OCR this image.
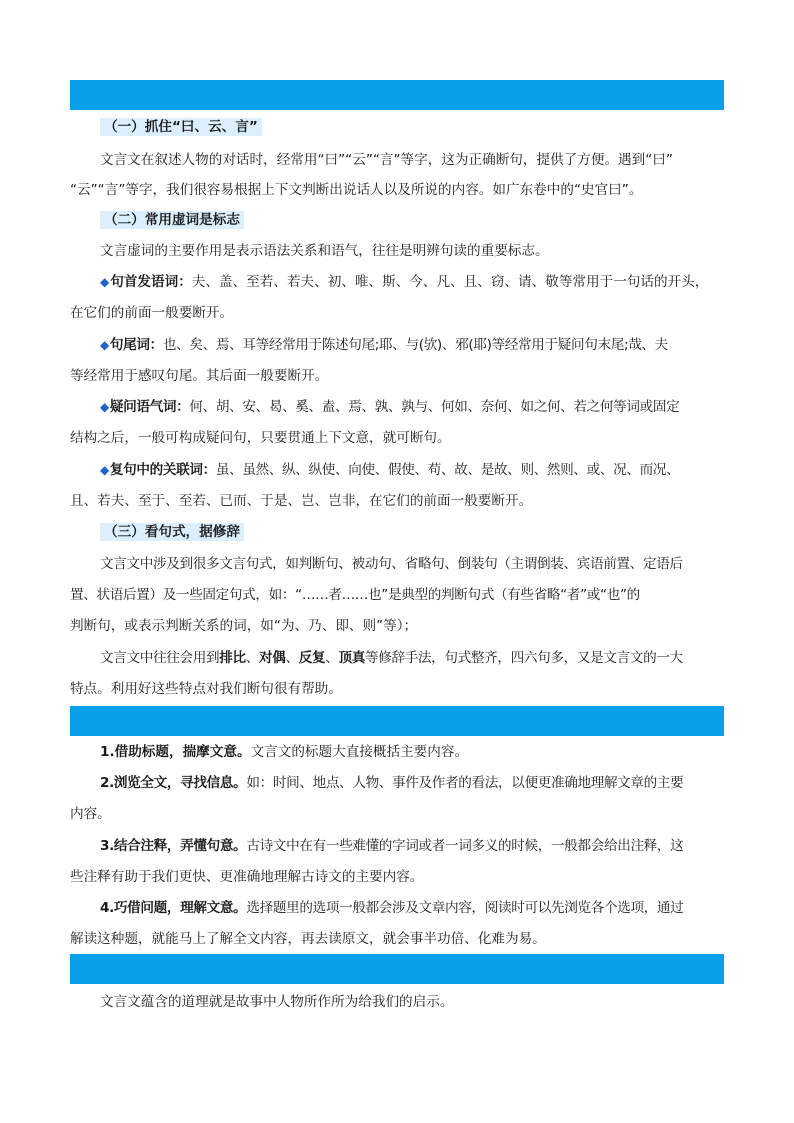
（一）抓住“曰、云、言”
文言文在叙述人物的对话时，经常用“曰”“云”“言”等字，这为正确断句，提供了方便。遇到“曰”
“云”“言”等字，我们很容易根据上下文判断出说话人以及所说的内容。如广东卷中的“史官曰”。
（二）常用虚词是标志
文言虚词的主要作用是表示语法关系和语气，往往是明辨句读的重要标志。
◆句首发语词：夫、盖、至若、若夫、初、唯、斯、今、凡、且、窃、请、敬等常用于一句话的开头，
在它们的前面一般要断开。
◆句尾词：也、矣、焉、耳等经常用于陈述句尾;耶、与(欤)、邪(耶)等经常用于疑问句末尾;哉、夫
等经常用于感叹句尾。其后面一般要断开。
◆疑问语气词：何、胡、安、曷、奚、盍、焉、孰、孰与、何如、奈何、如之何、若之何等词或固定
结构之后，一般可构成疑问句，只要贯通上下文意，就可断句。
◆复句中的关联词：虽、虽然、纵、纵使、向使、假使、苟、故、是故、则、然则、或、况、而况、
且、若夫、至于、至若、已而、于是、岂、岂非，在它们的前面一般要断开。
（三）看句式，据修辞
文言文中涉及到很多文言句式，如判断句、被动句、省略句、倒装句（主谓倒装、宾语前置、定语后
置、状语后置）及一些固定句式，如：“……者……也”是典型的判断句式（有些省略“者”或“也”的
判断句，或表示判断关系的词，如“为、乃、即、则”等）；
文言文中往往会用到排比、对偶、反复、顶真等修辞手法，句式整齐，四六句多，又是文言文的一大
特点。利用好这些特点对我们断句很有帮助。
1.借助标题，揣摩文意。文言文的标题大直接概括主要内容。
2.浏览全文，寻找信息。如：时间、地点、人物、事件及作者的看法，以便更准确地理解文章的主要
内容。
3.结合注释，弄懂句意。古诗文中在有一些难懂的字词或者一词多义的时候，一般都会给出注释，这
些注释有助于我们更快、更准确地理解古诗文的主要内容。
4.巧借问题，理解文意。选择题里的选项一般都会涉及文章内容，阅读时可以先浏览各个选项，通过
解读这种题，就能马上了解全文内容，再去读原文，就会事半功倍、化难为易。
文言文蕴含的道理就是故事中人物所作所为给我们的启示。
